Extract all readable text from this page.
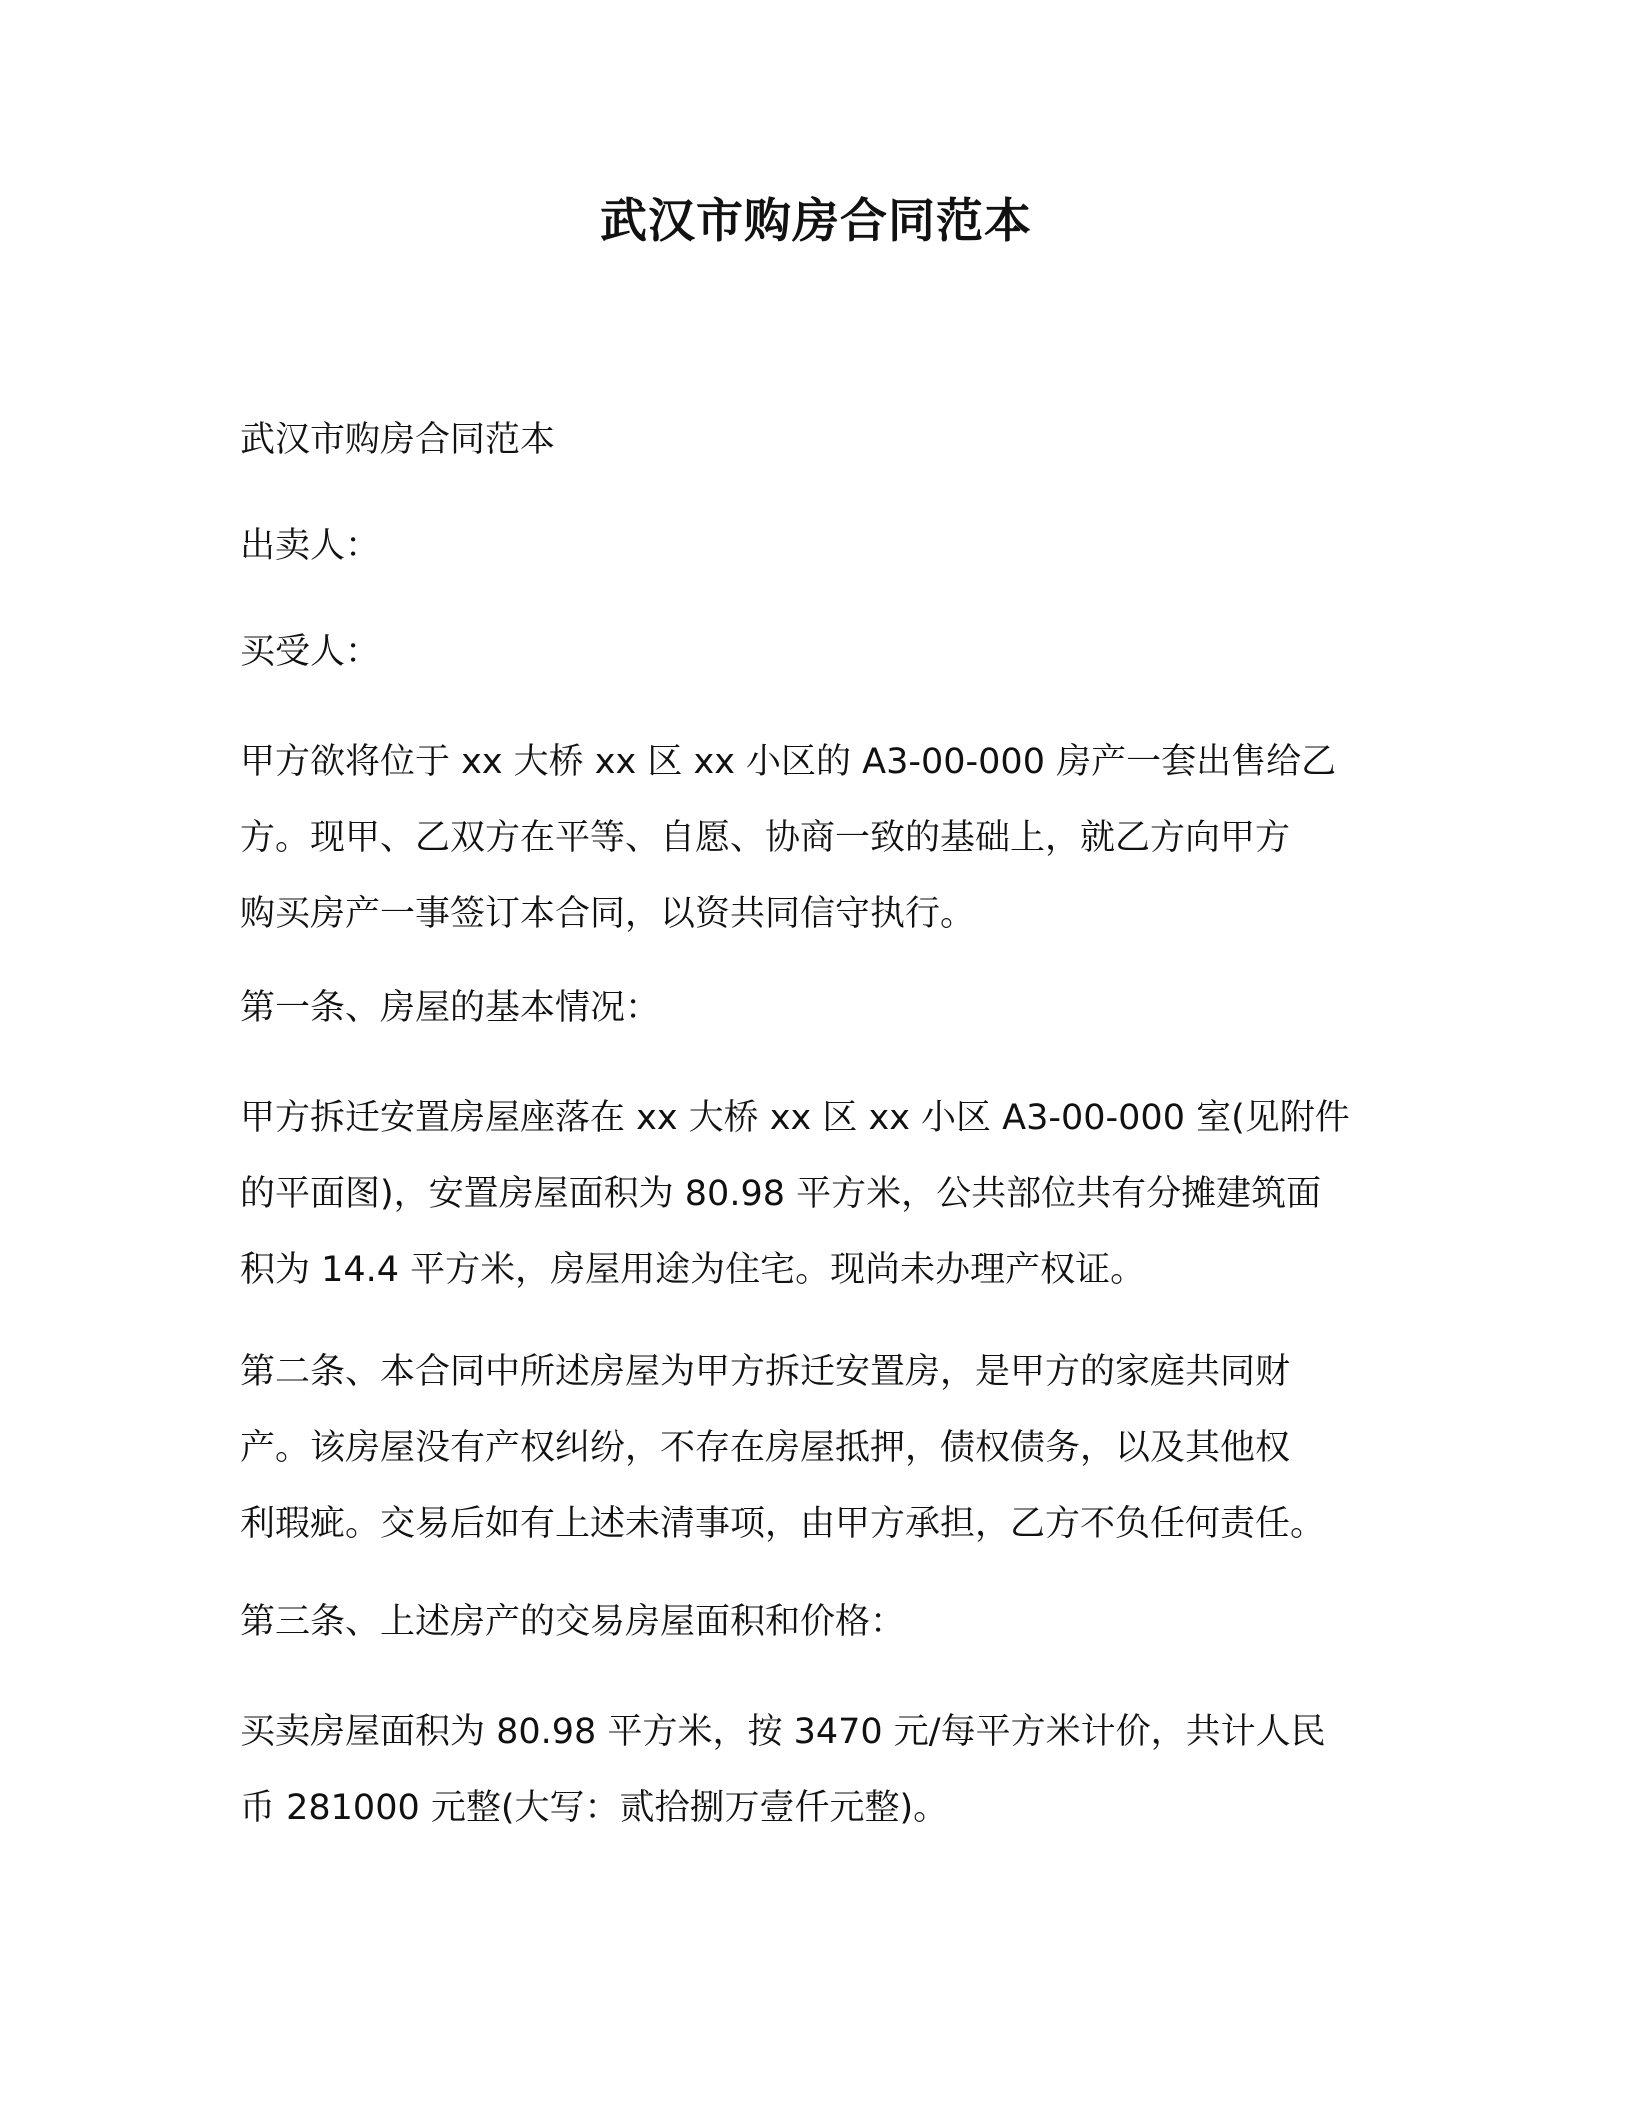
武汉市购房合同范本

武汉市购房合同范本

出卖人：

买受人：

甲方欲将位于 xx 大桥 xx 区 xx 小区的 A3-00-000 房产一套出售给乙
方。现甲、乙双方在平等、自愿、协商一致的基础上，就乙方向甲方
购买房产一事签订本合同，以资共同信守执行。

第一条、房屋的基本情况：

甲方拆迁安置房屋座落在 xx 大桥 xx 区 xx 小区 A3-00-000 室(见附件
的平面图)，安置房屋面积为 80.98 平方米，公共部位共有分摊建筑面
积为 14.4 平方米，房屋用途为住宅。现尚未办理产权证。
第二条、本合同中所述房屋为甲方拆迁安置房，是甲方的家庭共同财
产。该房屋没有产权纠纷，不存在房屋抵押，债权债务，以及其他权
利瑕疵。交易后如有上述未清事项，由甲方承担，乙方不负任何责任。

第三条、上述房产的交易房屋面积和价格：

买卖房屋面积为 80.98 平方米，按 3470 元/每平方米计价，共计人民
币 281000 元整(大写：贰拾捌万壹仟元整)。
